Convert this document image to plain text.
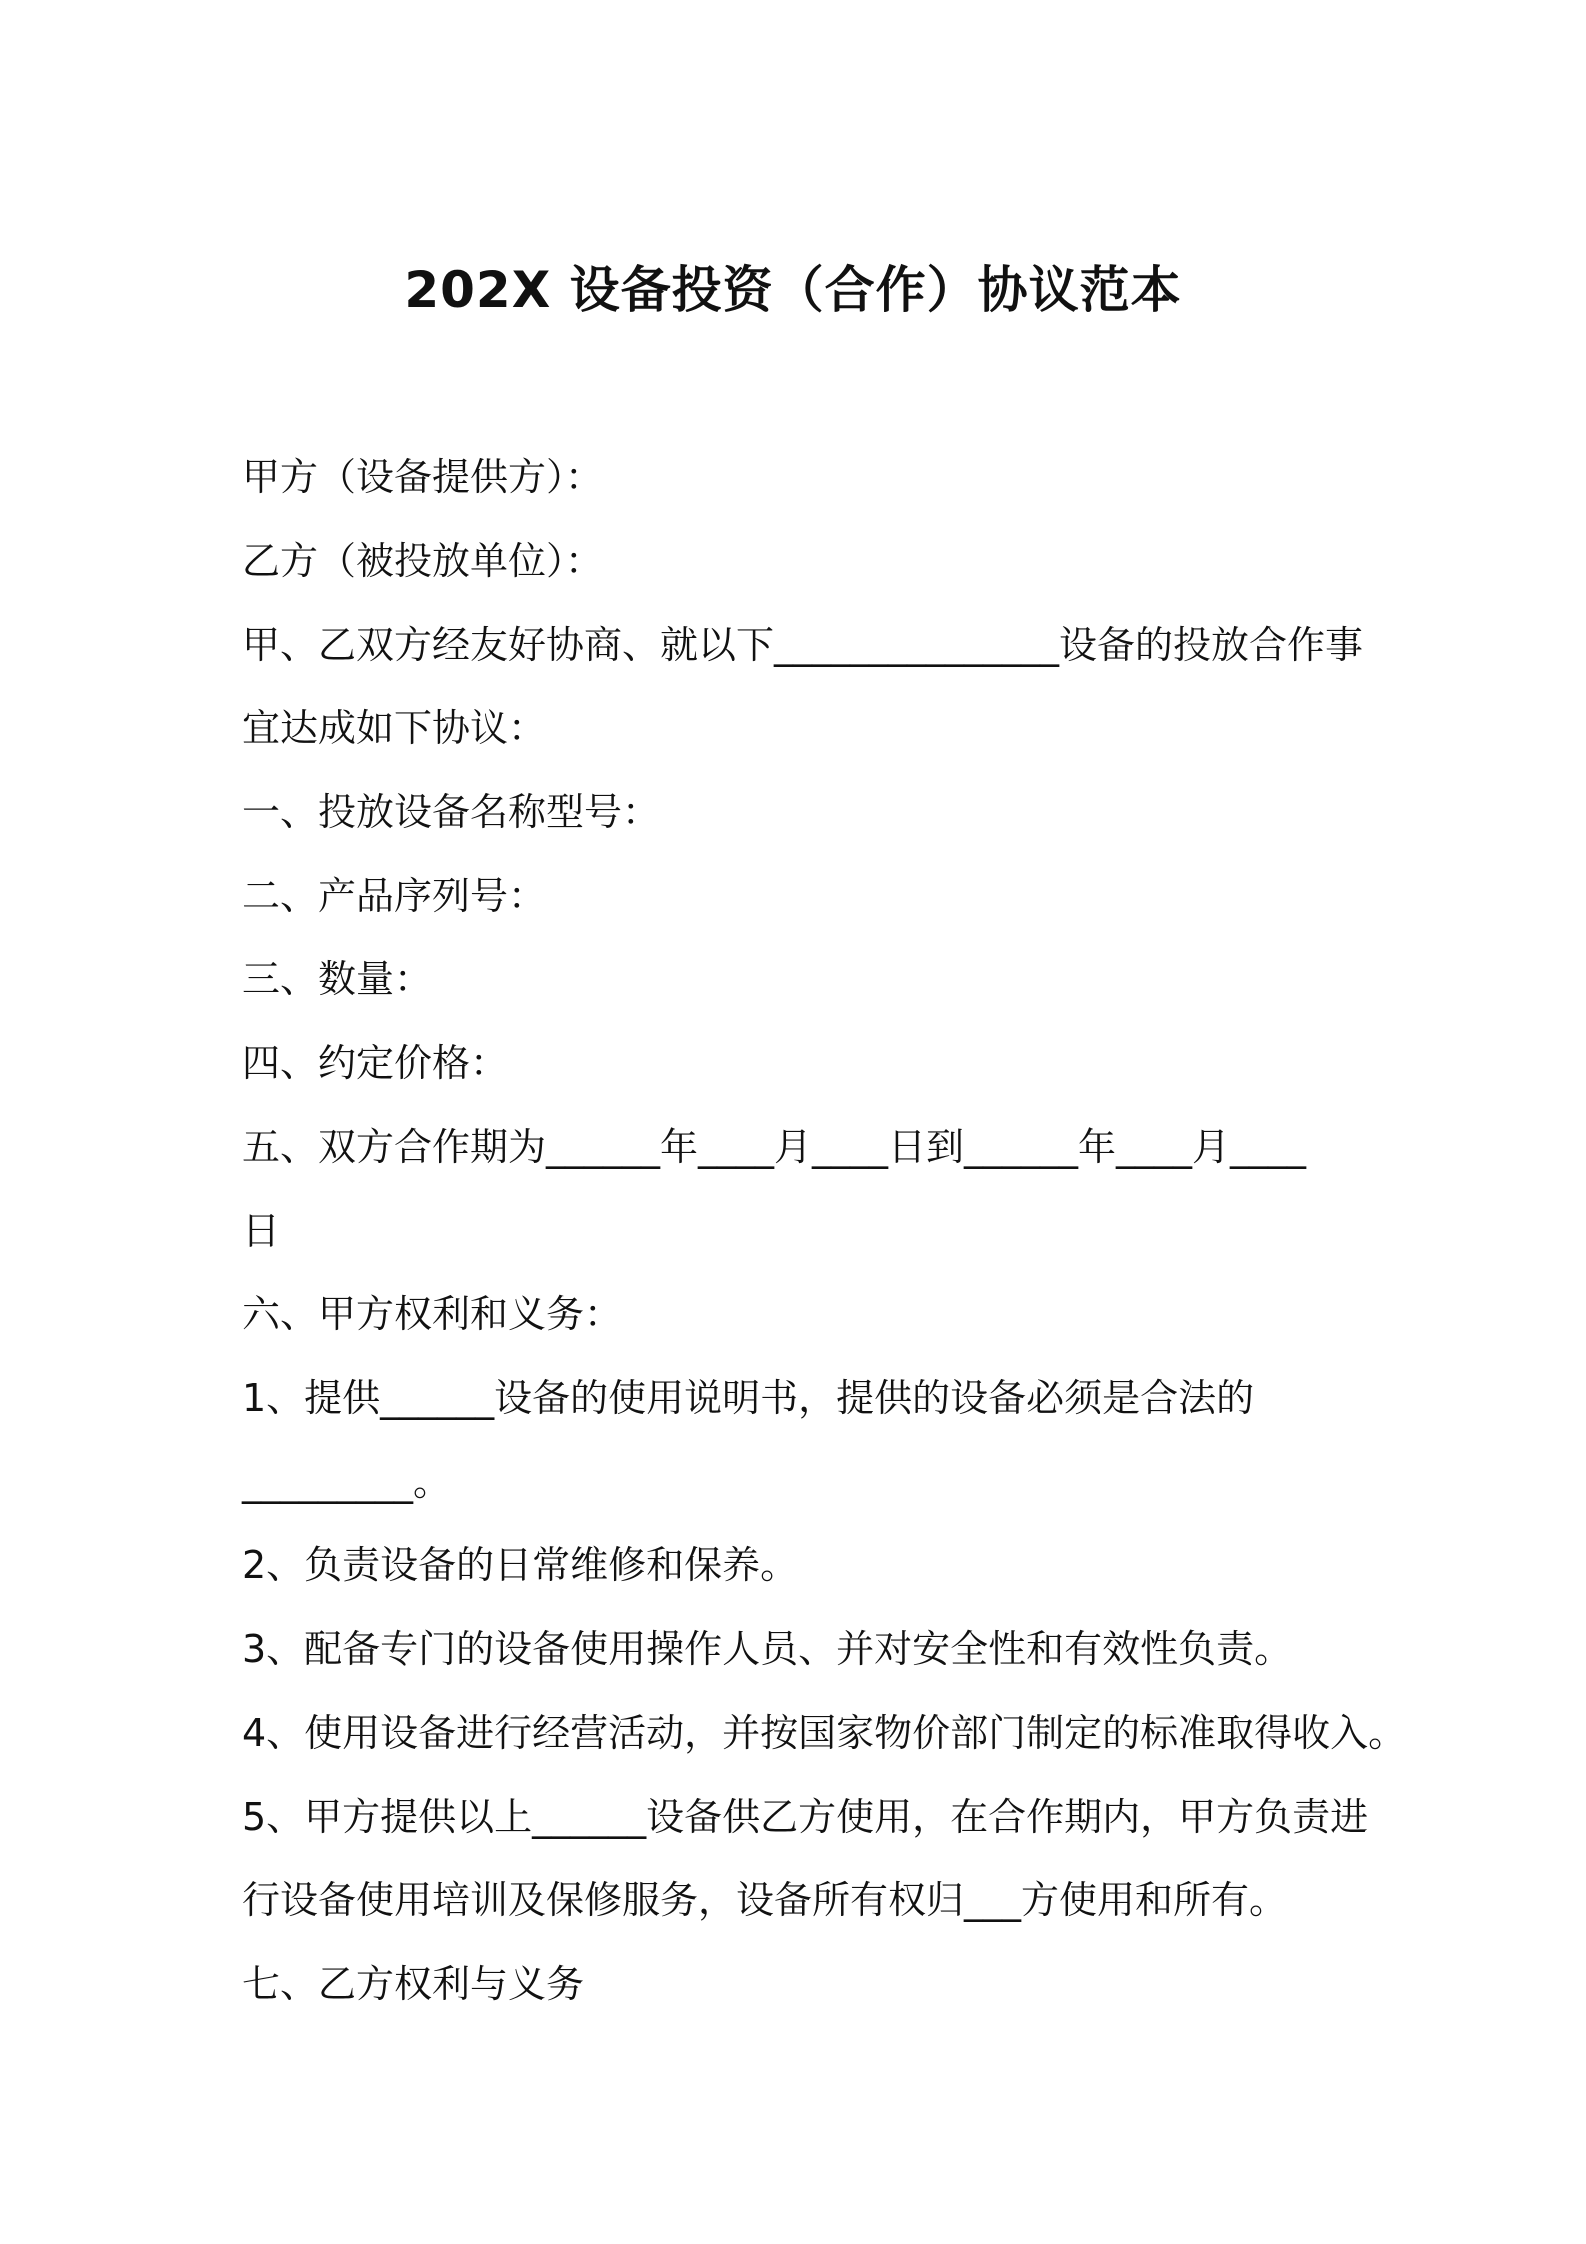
202X 设备投资（合作）协议范本

甲方（设备提供方）：

乙方（被投放单位）：

甲、乙双方经友好协商、就以下_______________设备的投放合作事

宜达成如下协议：

一、投放设备名称型号：

二、产品序列号：

三、数量：

四、约定价格：

五、双方合作期为______年____月____日到______年____月____

日

六、甲方权利和义务：

1、提供______设备的使用说明书，提供的设备必须是合法的

_________。

2、负责设备的日常维修和保养。

3、配备专门的设备使用操作人员、并对安全性和有效性负责。

4、使用设备进行经营活动，并按国家物价部门制定的标准取得收入。

5、甲方提供以上______设备供乙方使用，在合作期内，甲方负责进

行设备使用培训及保修服务，设备所有权归___方使用和所有。

七、乙方权利与义务
